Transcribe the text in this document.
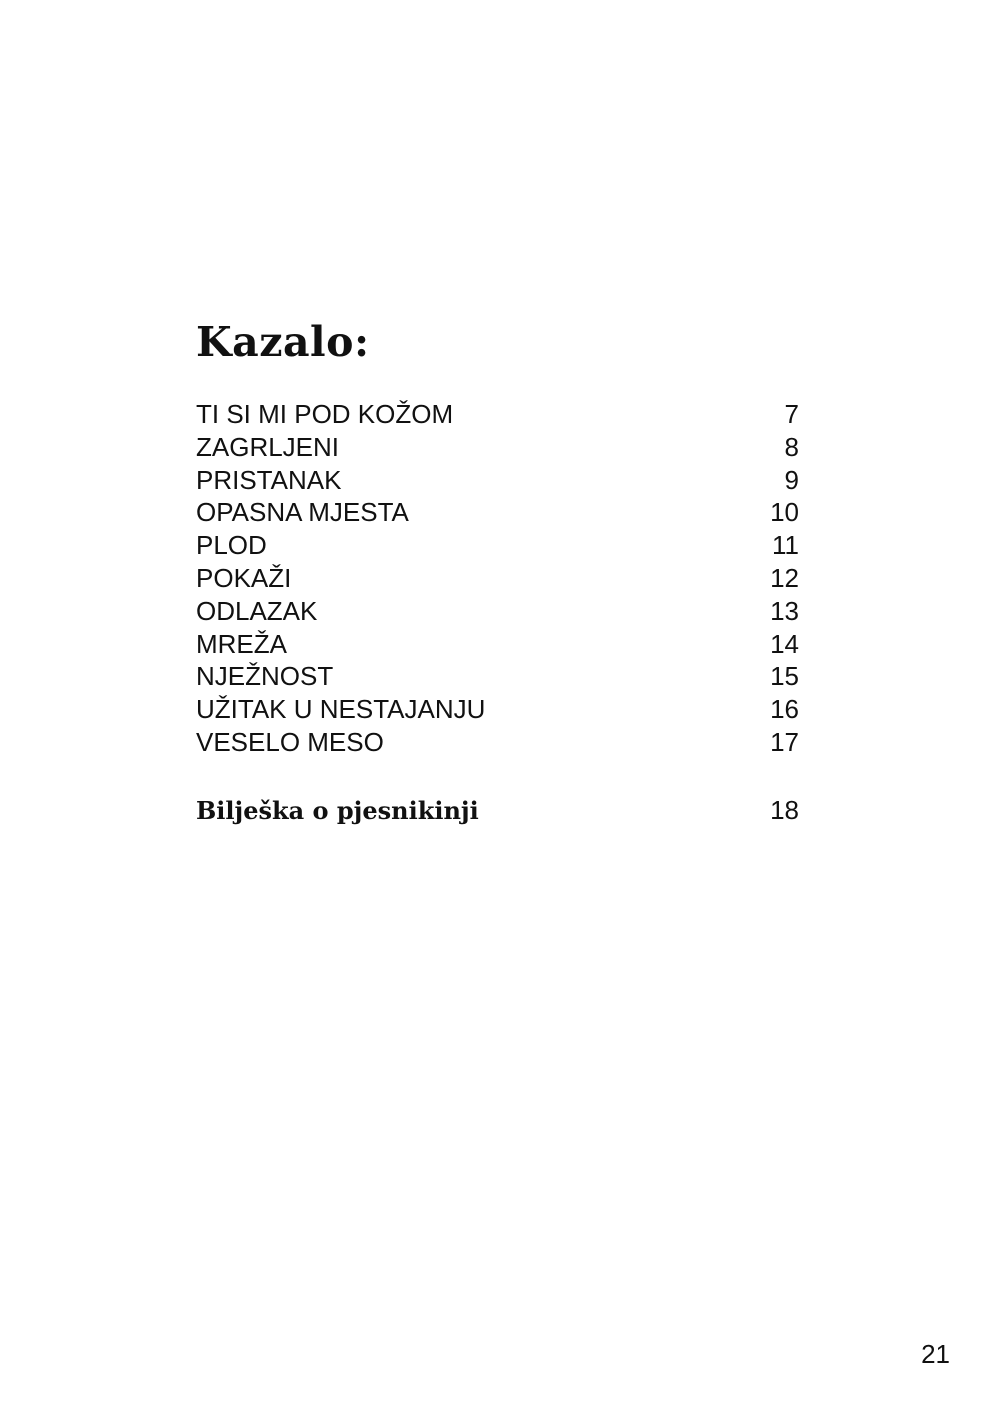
Kazalo:
TI SI MI POD KOŽOM	7
ZAGRLJENI	8
PRISTANAK	9
OPASNA MJESTA	10
PLOD	11
POKAŽI	12
ODLAZAK	13
MREŽA	14
NJEŽNOST	15
UŽITAK U NESTAJANJU	16
VESELO MESO	17
Bilješka o pjesnikinji	18
21
